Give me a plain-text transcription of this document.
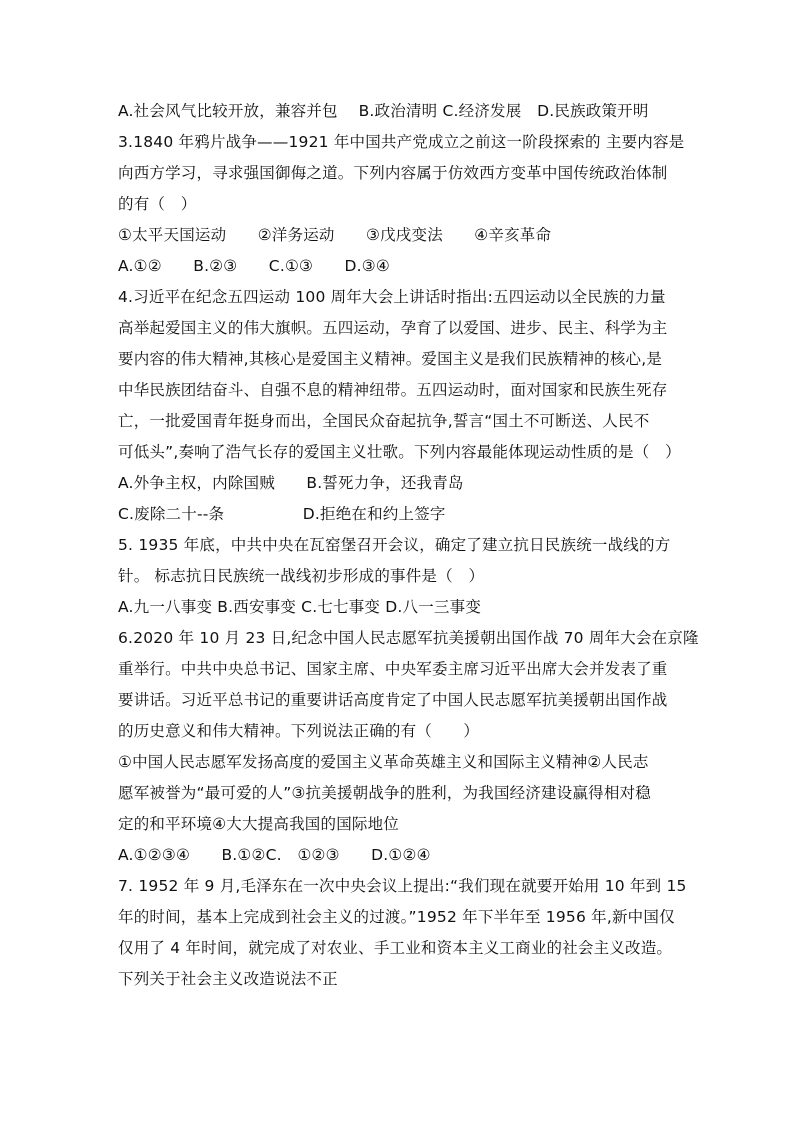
A.社会风气比较开放，兼容并包　 B.政治清明 C.经济发展　D.民族政策开明
3.1840 年鸦片战争——1921 年中国共产党成立之前这一阶段探索的 主要内容是
向西方学习，寻求强国御侮之道。下列内容属于仿效西方变革中国传统政治体制
的有（　）
①太平天国运动　　②洋务运动　　③戊戌变法　　④辛亥革命
A.①②　　B.②③　　C.①③　　D.③④
4.习近平在纪念五四运动 100 周年大会上讲话时指出:五四运动以全民族的力量
高举起爱国主义的伟大旗帜。五四运动，孕育了以爱国、进步、民主、科学为主
要内容的伟大精神,其核心是爱国主义精神。爱国主义是我们民族精神的核心,是
中华民族团结奋斗、自强不息的精神纽带。五四运动时，面对国家和民族生死存
亡，一批爱国青年挺身而出，全国民众奋起抗争,誓言“国土不可断送、人民不
可低头”,奏响了浩气长存的爱国主义壮歌。下列内容最能体现运动性质的是（　）
A.外争主权，内除国贼　　B.誓死力争，还我青岛
C.废除二十--条　　　　　D.拒绝在和约上签字
5. 1935 年底，中共中央在瓦窑堡召开会议，确定了建立抗日民族统一战线的方
针。 标志抗日民族统一战线初步形成的事件是（　）
A.九一八事变 B.西安事变 C.七七事变 D.八一三事变
6.2020 年 10 月 23 日,纪念中国人民志愿军抗美援朝出国作战 70 周年大会在京隆
重举行。中共中央总书记、国家主席、中央军委主席习近平出席大会并发表了重
要讲话。习近平总书记的重要讲话高度肯定了中国人民志愿军抗美援朝出国作战
的历史意义和伟大精神。下列说法正确的有（　　）
①中国人民志愿军发扬高度的爱国主义革命英雄主义和国际主义精神②人民志
愿军被誉为“最可爱的人”③抗美援朝战争的胜利，为我国经济建设赢得相对稳
定的和平环境④大大提高我国的国际地位
A.①②③④　　B.①②C.　①②③　　D.①②④
7. 1952 年 9 月,毛泽东在一次中央会议上提出:“我们现在就要开始用 10 年到 15
年的时间，基本上完成到社会主义的过渡。”1952 年下半年至 1956 年,新中国仅
仅用了 4 年时间，就完成了对农业、手工业和资本主义工商业的社会主义改造。
下列关于社会主义改造说法不正
